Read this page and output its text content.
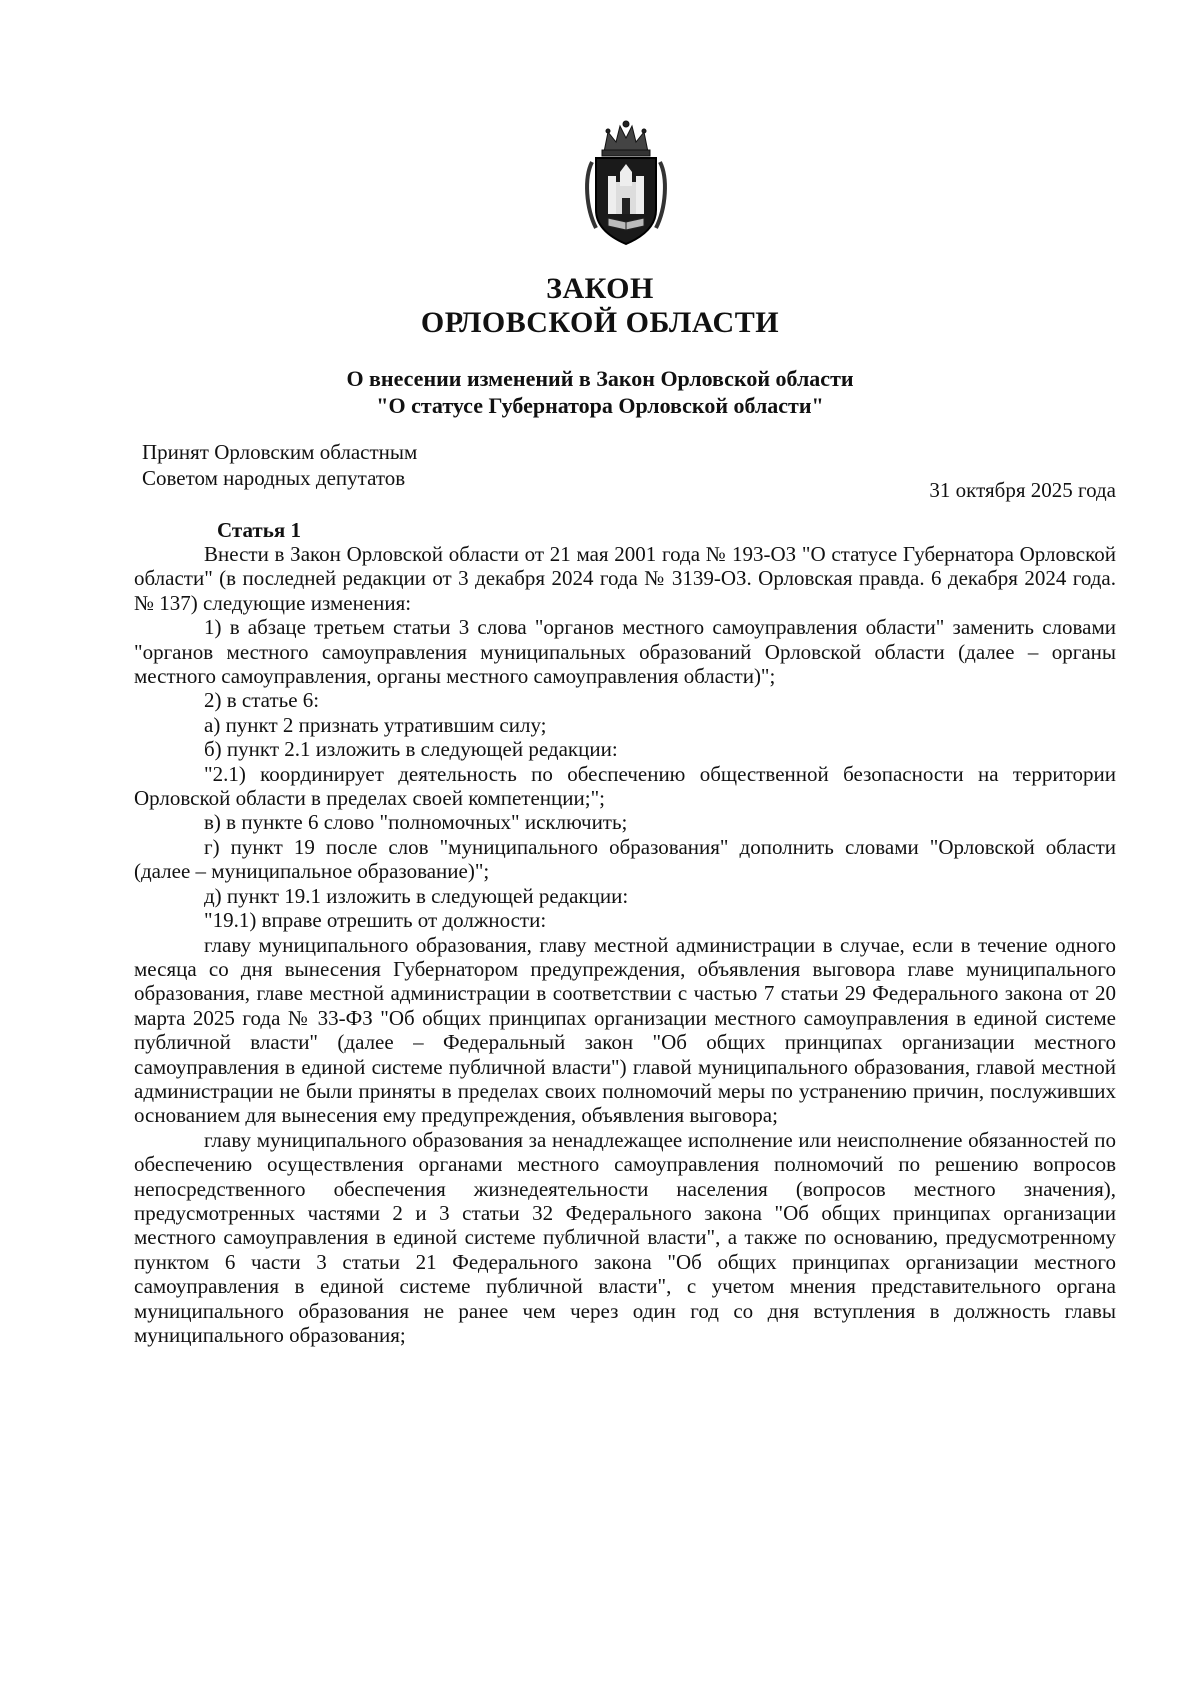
ЗАКОН
ОРЛОВСКОЙ ОБЛАСТИ
О внесении изменений в Закон Орловской области
"О статусе Губернатора Орловской области"
Принят Орловским областным
Советом народных депутатов	31 октября 2025 года
Статья 1

Внести в Закон Орловской области от 21 мая 2001 года № 193-ОЗ "О статусе Губернатора Орловской области" (в последней редакции от 3 декабря 2024 года № 3139-ОЗ. Орловская правда. 6 декабря 2024 года. № 137) следующие изменения:

1) в абзаце третьем статьи 3 слова "органов местного самоуправления области" заменить словами "органов местного самоуправления муниципальных образований Орловской области (далее – органы местного самоуправления, органы местного самоуправления области)";

2) в статье 6:

а) пункт 2 признать утратившим силу;

б) пункт 2.1 изложить в следующей редакции:

"2.1) координирует деятельность по обеспечению общественной безопасности на территории Орловской области в пределах своей компетенции;";

в) в пункте 6 слово "полномочных" исключить;

г) пункт 19 после слов "муниципального образования" дополнить словами "Орловской области (далее – муниципальное образование)";

д) пункт 19.1 изложить в следующей редакции:

"19.1) вправе отрешить от должности:

главу муниципального образования, главу местной администрации в случае, если в течение одного месяца со дня вынесения Губернатором предупреждения, объявления выговора главе муниципального образования, главе местной администрации в соответствии с частью 7 статьи 29 Федерального закона от 20 марта 2025 года № 33-ФЗ "Об общих принципах организации местного самоуправления в единой системе публичной власти" (далее – Федеральный закон "Об общих принципах организации местного самоуправления в единой системе публичной власти") главой муниципального образования, главой местной администрации не были приняты в пределах своих полномочий меры по устранению причин, послуживших основанием для вынесения ему предупреждения, объявления выговора;

главу муниципального образования за ненадлежащее исполнение или неисполнение обязанностей по обеспечению осуществления органами местного самоуправления полномочий по решению вопросов непосредственного обеспечения жизнедеятельности населения (вопросов местного значения), предусмотренных частями 2 и 3 статьи 32 Федерального закона "Об общих принципах организации местного самоуправления в единой системе публичной власти", а также по основанию, предусмотренному пунктом 6 части 3 статьи 21 Федерального закона "Об общих принципах организации местного самоуправления в единой системе публичной власти", с учетом мнения представительного органа муниципального образования не ранее чем через один год со дня вступления в должность главы муниципального образования;
